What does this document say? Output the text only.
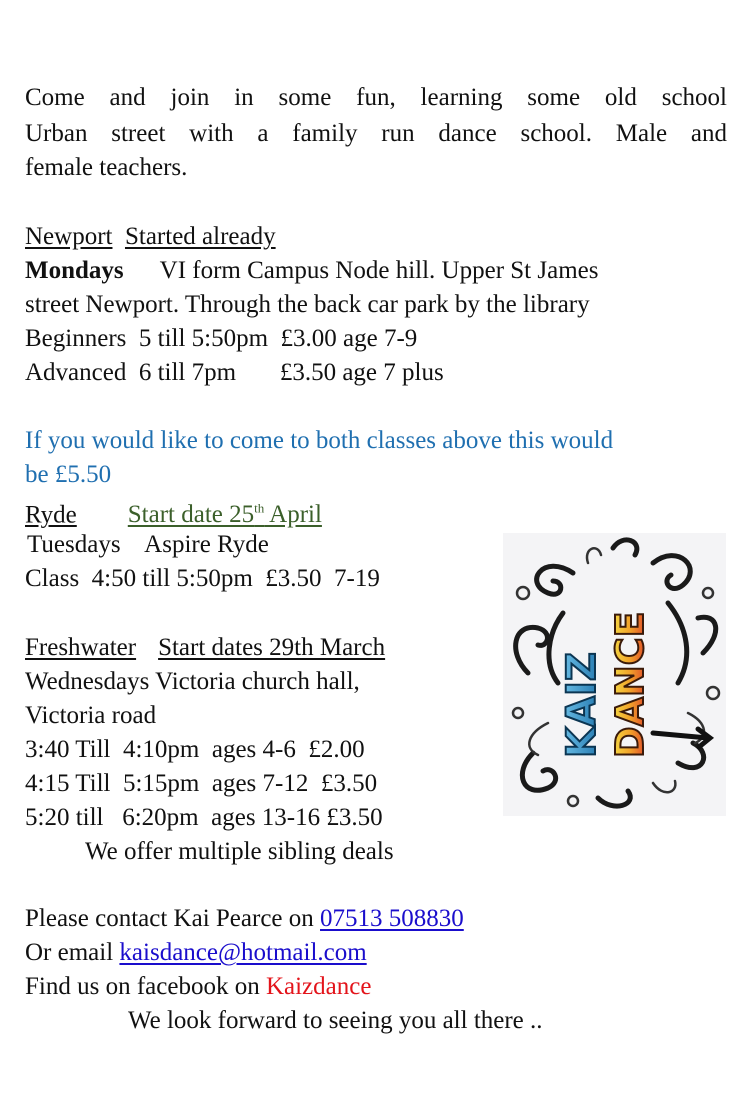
Come and join in some fun, learning some old school
Urban street with a family run dance school. Male and
female teachers.
Newport Started already
Mondays VI form Campus Node hill. Upper St James
street Newport. Through the back car park by the library
Beginners  5 till 5:50pm  £3.00 age 7-9
Advanced  6 till 7pm       £3.50 age 7 plus
If you would like to come to both classes above this would
be £5.50
Ryde Start date 25th April
Tuesdays    Aspire Ryde
Class  4:50 till 5:50pm  £3.50  7-19
Freshwater Start dates 29th March
Wednesdays Victoria church hall,
Victoria road
3:40 Till  4:10pm  ages 4-6  £2.00
4:15 Till  5:15pm  ages 7-12  £3.50
5:20 till   6:20pm  ages 13-16 £3.50
We offer multiple sibling deals
Please contact Kai Pearce on 07513 508830
Or email kaisdance@hotmail.com
Find us on facebook on Kaizdance
We look forward to seeing you all there ..
KAIZ DANCE
